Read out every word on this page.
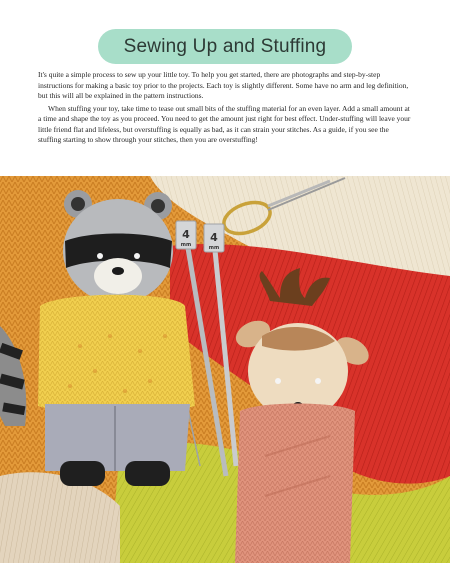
Sewing Up and Stuffing

It's quite a simple process to sew up your little toy. To help you get started, there are photographs and step-by-step instructions for making a basic toy prior to the projects. Each toy is slightly different. Some have no arm and leg definition, but this will all be explained in the pattern instructions.

When stuffing your toy, take time to tease out small bits of the stuffing material for an even layer. Add a small amount at a time and shape the toy as you proceed. You need to get the amount just right for best effect. Under-stuffing will leave your little friend flat and lifeless, but overstuffing is equally as bad, as it can strain your stitches. As a guide, if you see the stuffing starting to show through your stitches, then you are overstuffing!

4
mm
4
mm
